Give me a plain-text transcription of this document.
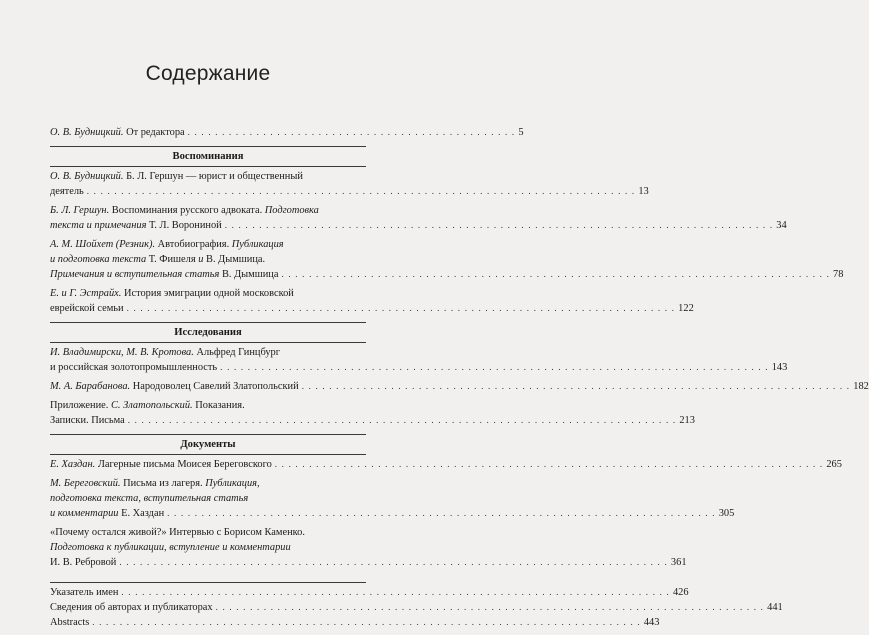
Содержание
О. В. Будницкий. От редактора . . . . . . . . . . . . . . . . . . . . . . . . . . . . . . . . . . . . . . . . . . . . . . . . 5
Воспоминания
О. В. Будницкий. Б. Л. Гершун — юрист и общественный
деятель . . . . . . . . . . . . . . . . . . . . . . . . . . . . . . . . . . . . . . . . . . . . . . . . . . . . . . . . . . . . . . . . . . . . . . . . . . . . . . . . 13
Б. Л. Гершун. Воспоминания русского адвоката. Подготовка
текста и примечания Т. Л. Ворониной . . . . . . . . . . . . . . . . . . . . . . . . . . . . . . . . . . . . . . . . . . . . . . . . . . . . . . . . . . . . . . . . . . . . . . . . . . . . . . . . 34
А. М. Шойхет (Резник). Автобиография. Публикация
и подготовка текста Т. Фишеля и В. Дымшица.
Примечания и вступительная статья В. Дымшица . . . . . . . . . . . . . . . . . . . . . . . . . . . . . . . . . . . . . . . . . . . . . . . . . . . . . . . . . . . . . . . . . . . . . . . . . . . . . . . . 78
Е. и Г. Эстрайх. История эмиграции одной московской
еврейской семьи . . . . . . . . . . . . . . . . . . . . . . . . . . . . . . . . . . . . . . . . . . . . . . . . . . . . . . . . . . . . . . . . . . . . . . . . . . . . . . . . 122
Исследования
И. Владимирски, М. В. Кротова. Альфред Гинцбург
и российская золотопромышленность . . . . . . . . . . . . . . . . . . . . . . . . . . . . . . . . . . . . . . . . . . . . . . . . . . . . . . . . . . . . . . . . . . . . . . . . . . . . . . . . 143
М. А. Барабанова. Народоволец Савелий Златопольский . . . . . . . . . . . . . . . . . . . . . . . . . . . . . . . . . . . . . . . . . . . . . . . . . . . . . . . . . . . . . . . . . . . . . . . . . . . . . . . . 182
Приложение. С. Златопольский. Показания.
Записки. Письма . . . . . . . . . . . . . . . . . . . . . . . . . . . . . . . . . . . . . . . . . . . . . . . . . . . . . . . . . . . . . . . . . . . . . . . . . . . . . . . . 213
Документы
Е. Хаздан. Лагерные письма Моисея Береговского . . . . . . . . . . . . . . . . . . . . . . . . . . . . . . . . . . . . . . . . . . . . . . . . . . . . . . . . . . . . . . . . . . . . . . . . . . . . . . . . 265
М. Береговский. Письма из лагеря. Публикация,
подготовка текста, вступительная статья
и комментарии Е. Хаздан . . . . . . . . . . . . . . . . . . . . . . . . . . . . . . . . . . . . . . . . . . . . . . . . . . . . . . . . . . . . . . . . . . . . . . . . . . . . . . . . 305
«Почему остался живой?» Интервью с Борисом Каменко.
Подготовка к публикации, вступление и комментарии
И. В. Ребровой . . . . . . . . . . . . . . . . . . . . . . . . . . . . . . . . . . . . . . . . . . . . . . . . . . . . . . . . . . . . . . . . . . . . . . . . . . . . . . . . 361
Указатель имен . . . . . . . . . . . . . . . . . . . . . . . . . . . . . . . . . . . . . . . . . . . . . . . . . . . . . . . . . . . . . . . . . . . . . . . . . . . . . . . . 426
Сведения об авторах и публикаторах . . . . . . . . . . . . . . . . . . . . . . . . . . . . . . . . . . . . . . . . . . . . . . . . . . . . . . . . . . . . . . . . . . . . . . . . . . . . . . . . 441
Abstracts . . . . . . . . . . . . . . . . . . . . . . . . . . . . . . . . . . . . . . . . . . . . . . . . . . . . . . . . . . . . . . . . . . . . . . . . . . . . . . . . 443
